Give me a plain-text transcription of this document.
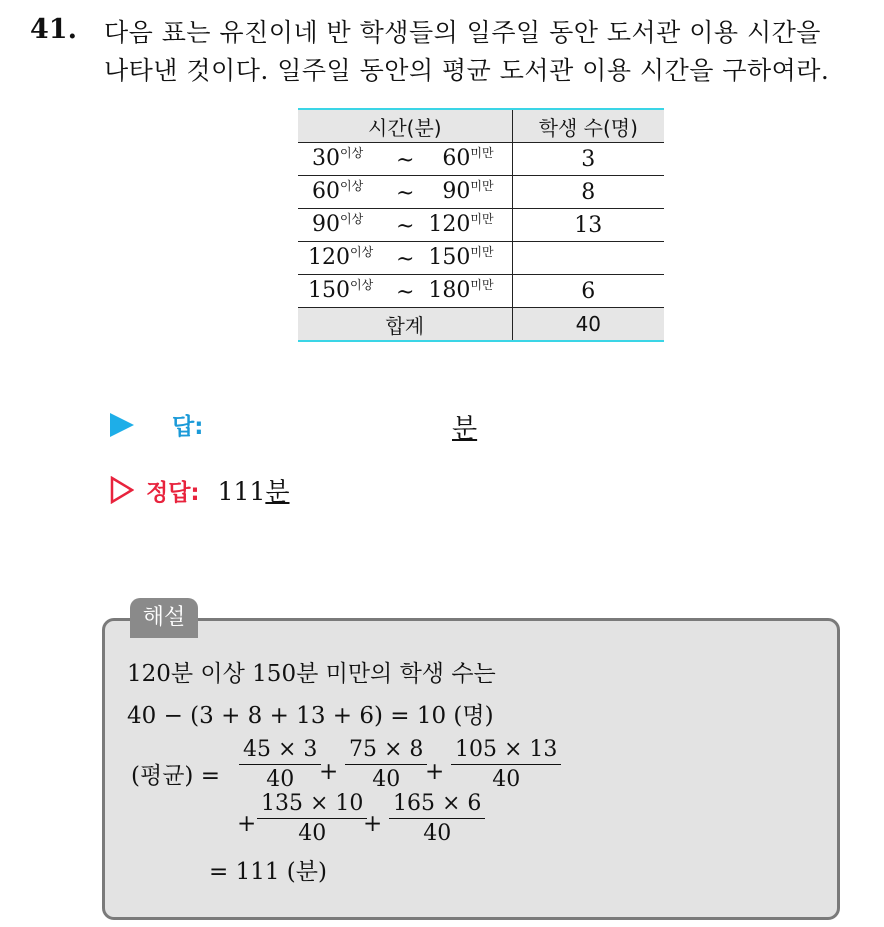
41. 다음 표는 유진이네 반 학생들의 일주일 동안 도서관 이용 시간을
나타낸 것이다. 일주일 동안의 평균 도서관 이용 시간을 구하여라.
시간(분)	학생 수(명)

$30^{이상}$ ~ $60^{미만}$	3

$60^{이상}$ ~ $90^{미만}$	8

$90^{이상}$ ~ $120^{미만}$	13

$120^{이상}$ ~ $150^{미만}$

$150^{이상}$ ~ $180^{미만}$	6
합계	40
답:	분
정답: 111분
해설
120분 이상 150분 미만의 학생 수는
40 − (3 + 8 + 13 + 6) = 10 (명)
(평균) =
45 × 3
40	+
75 × 8
40	+
105 × 13
40
+
135 × 10
40	+
165 × 6
40
= 111 (분)
